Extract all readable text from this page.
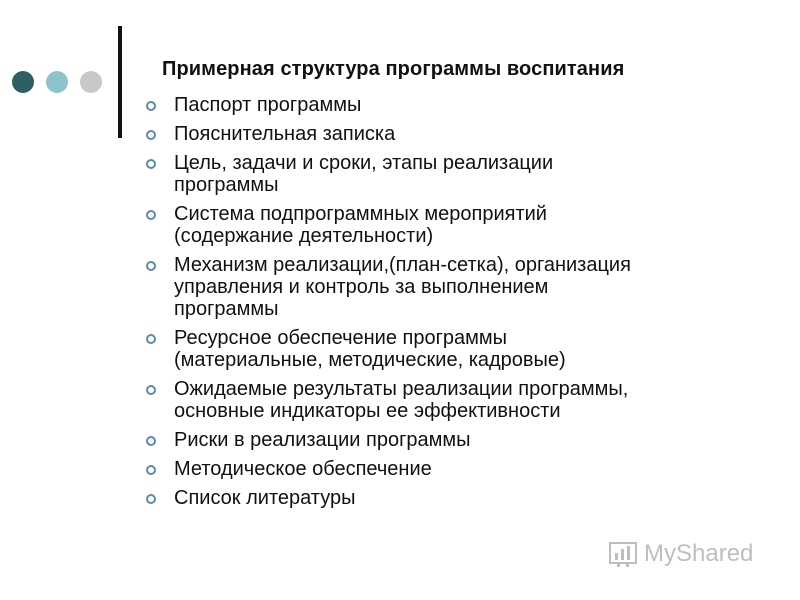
Примерная структура программы воспитания
Паспорт программы
Пояснительная записка
Цель, задачи и сроки, этапы реализации
программы
Система подпрограммных мероприятий
(содержание деятельности)
Механизм реализации,(план-сетка), организация
управления и контроль за выполнением
программы
Ресурсное обеспечение программы
(материальные, методические, кадровые)
Ожидаемые результаты реализации программы,
основные индикаторы ее эффективности
Риски в реализации программы
Методическое обеспечение
Список литературы
MyShared
